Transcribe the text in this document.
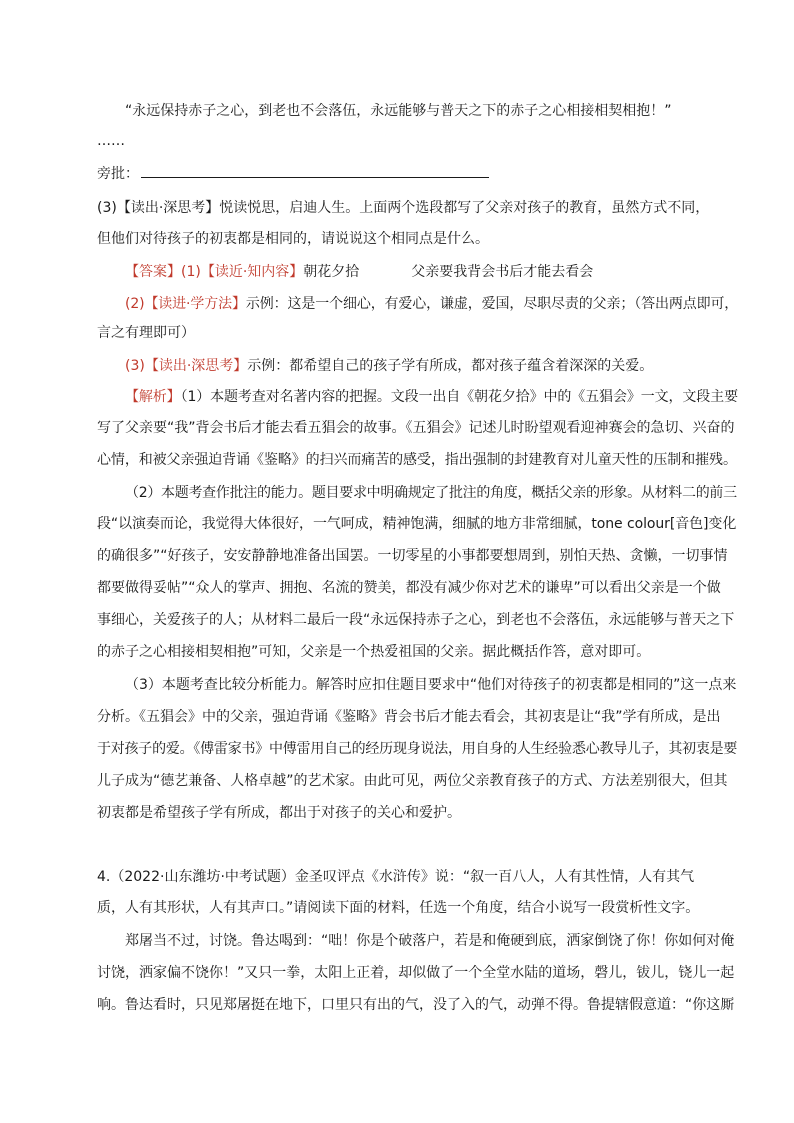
“永远保持赤子之心，到老也不会落伍，永远能够与普天之下的赤子之心相接相契相抱！”
……
旁批：
(3)【读出·深思考】悦读悦思，启迪人生。上面两个选段都写了父亲对孩子的教育，虽然方式不同，
但他们对待孩子的初衷都是相同的，请说说这个相同点是什么。
【答案】(1)【读近·知内容】朝花夕拾	父亲要我背会书后才能去看会
(2)【读进·学方法】示例：这是一个细心，有爱心，谦虚，爱国，尽职尽责的父亲；（答出两点即可，
言之有理即可）
(3)【读出·深思考】示例：都希望自己的孩子学有所成，都对孩子蕴含着深深的关爱。
【解析】（1）本题考查对名著内容的把握。文段一出自《朝花夕拾》中的《五猖会》一文，文段主要
写了父亲要“我”背会书后才能去看五猖会的故事。《五猖会》记述儿时盼望观看迎神赛会的急切、兴奋的
心情，和被父亲强迫背诵《鉴略》的扫兴而痛苦的感受，指出强制的封建教育对儿童天性的压制和摧残。
（2）本题考查作批注的能力。题目要求中明确规定了批注的角度，概括父亲的形象。从材料二的前三
段“以演奏而论，我觉得大体很好，一气呵成，精神饱满，细腻的地方非常细腻，tone colour[音色]变化
的确很多”“好孩子，安安静静地准备出国罢。一切零星的小事都要想周到，别怕天热、贪懒，一切事情
都要做得妥帖”“众人的掌声、拥抱、名流的赞美，都没有减少你对艺术的谦卑”可以看出父亲是一个做
事细心，关爱孩子的人；从材料二最后一段“永远保持赤子之心，到老也不会落伍，永远能够与普天之下
的赤子之心相接相契相抱”可知，父亲是一个热爱祖国的父亲。据此概括作答，意对即可。
（3）本题考查比较分析能力。解答时应扣住题目要求中“他们对待孩子的初衷都是相同的”这一点来
分析。《五猖会》中的父亲，强迫背诵《鉴略》背会书后才能去看会，其初衷是让“我”学有所成，是出
于对孩子的爱。《傅雷家书》中傅雷用自己的经历现身说法，用自身的人生经验悉心教导儿子，其初衷是要
儿子成为“德艺兼备、人格卓越”的艺术家。由此可见，两位父亲教育孩子的方式、方法差别很大，但其
初衷都是希望孩子学有所成，都出于对孩子的关心和爱护。
4.（2022·山东潍坊·中考试题）金圣叹评点《水浒传》说：“叙一百八人，人有其性情，人有其气
质，人有其形状，人有其声口。”请阅读下面的材料，任选一个角度，结合小说写一段赏析性文字。
郑屠当不过，讨饶。鲁达喝到：“咄！你是个破落户，若是和俺硬到底，洒家倒饶了你！你如何对俺
讨饶，洒家偏不饶你！”又只一拳，太阳上正着，却似做了一个全堂水陆的道场，磬儿，钹儿，铙儿一起
响。鲁达看时，只见郑屠挺在地下，口里只有出的气，没了入的气，动弹不得。鲁提辖假意道：“你这厮
